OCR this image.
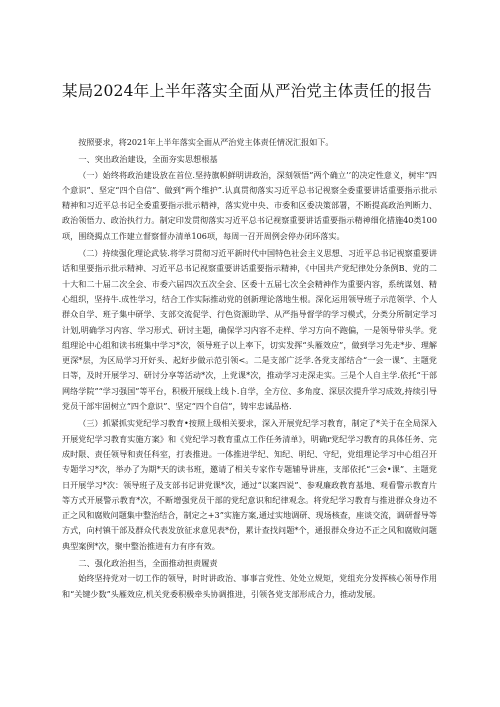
某局2024年上半年落实全面从严治党主体责任的报告

按照要求，将2021年上半年落实全面从严治党主体责任情况汇报如下。

一、突出政治建设，全面夯实思想根基

（一）始终将政治建设放在首位.坚持旗帜鲜明讲政治，深刻领悟”两个确立’’的决定性意义，树牢“四个意识”、坚定“四个自信”、做到“两个维护”.认真贯彻落实习近平总书记视察全委重要讲话重要指示批示精神和习近平总书记全委重要指示批示精神，落实党中央、市委和区委决策部署，不断提高政治判断力、政治领悟力、政治执行力。制定印发贯彻落实习近平总书记视察重要讲话重要指示精神细化措施40类100项，围绕揭点工作建立督察督办清单106项，每周一召开周例会停办闭环落实。

（二）持续强化理论武装.将学习贯彻习近平新时代中国特色社会主义思想、习近平总书记视察重要讲话和里要指示批示精神、习近平总书记视察重要讲话重要指示精神，《中国共产党纪律处分条例B、党的二十大和二十届二次全会、市委六届四次五次全会、区委十五届七次全会精神作为重要内容，系统谋划、精心组织，坚持牛.成性学习，结合工作实际推动党的创新理论落地生根。深化运用领导班子示范领学、个人群众自学、班子集中研学、支部交流促学、行色资源助学、从严指导督学的学习模式，分类分所制定学习计划,明确学习内容、学习形式、研讨主题，确保学习内容不走样、学习方向不跑偏，一是领导带头学。党组理论中心组和读书班集中学习*次，领导班子以上率下，切实发挥“头雁效应”，做到学习先走*步、理解更深*层，为区局学习开好头、起好步做示范引领<。二是支部广泛学.各党支部结合“一会一课”、主题党日等，及时开展学习、研讨分享等活动*次，上党课*次，推动学习走深走实。三是个人自主学.依托“干部网络学院”“学习强国”等平台，积极开展线上线卜.自学，全方位、多角度、深层次提升学习成效,持续引导党员干部牢固树立“四个意识”、坚定“四个自信”，铸牢忠诚品格.

（三）抓紧抓实党纪学习教育•按照上级相关要求，深入开展党纪学习教育，制定了*关于在全局深入开展党纪学习教育实施方案》和《党纪学习教育重点工作任务清单》，明确r党纪学习教育的具体任务、完成时限、责任领导和责任科室，打表推进。一体推进学纪、知纪、明纪、守纪，党组理论学习中心组召开专题学习*次，举办了为期*天的读书班，邀请了相关专家作专题辅导讲座，支部依托“三会•课”、主题党日开展学习*次：领导班子及支部书记讲党课*次，通过“以案四说”、参观廉政教育基地、观看警示教育片等方式开展警示教育*次，不断增强党员干部的党纪意识和纪律观念。将党纪学习教育与推进群众身边不正之风和腐败问题集中整治结合，制定之+3”实施方案,通过实地调研、现场核查，座谈交流，调研督导等方式，向村镇干部及群众代表发放征求意见表*份，累计查找问题*个，通报群众身边不正之风和腐败问题典型案例*次，聚中整治推进有力有序有效。

二、强化政治担当，全面推动担责履责

始终坚持党对一切工作的领导，时时讲政治、事事言党性、处处立规矩，党组充分发挥核心领导作用和“关键少数”头雁效应,机关党委积极牵头协调推进，引领各党支部形成合力，推动发展。
